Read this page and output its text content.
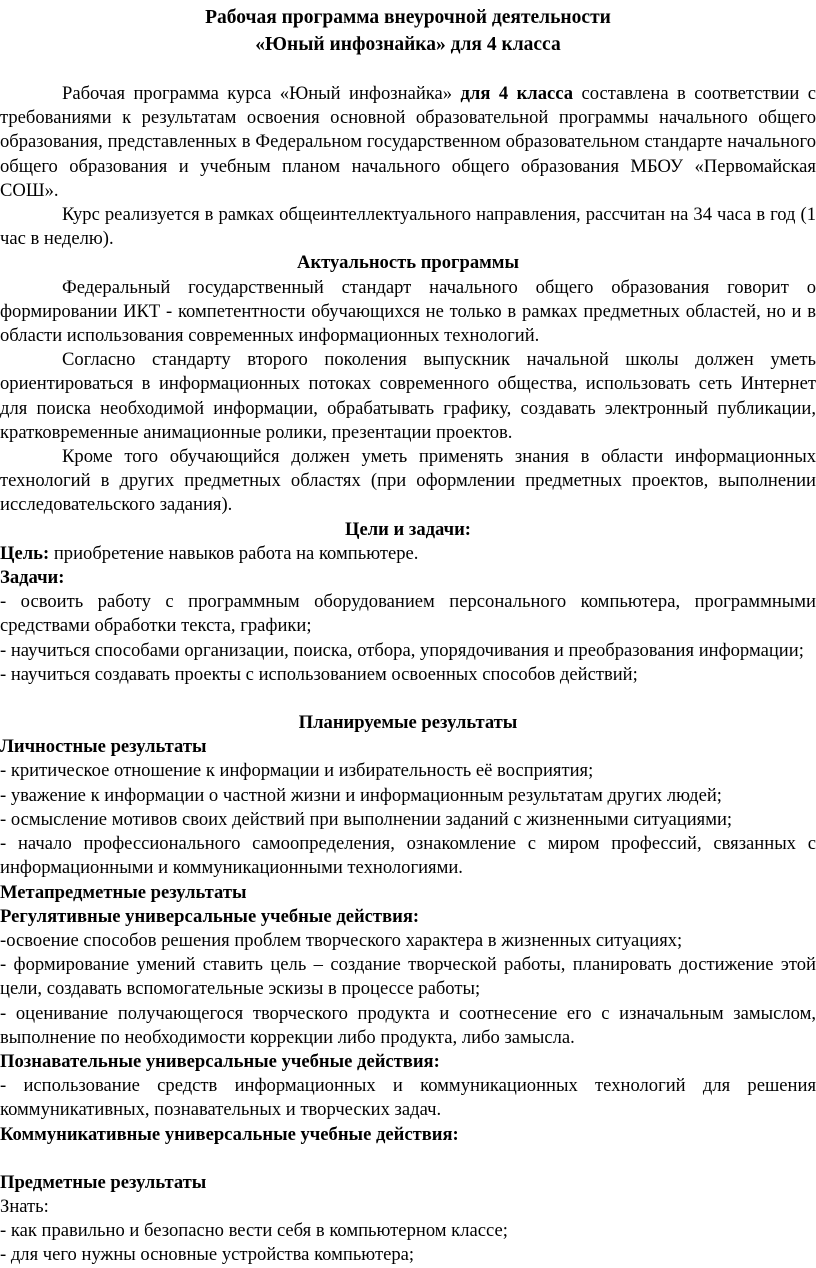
Рабочая программа внеурочной деятельности

«Юный инфознайка» для 4 класса

Рабочая программа курса «Юный инфознайка» для 4 класса составлена в соответствии с требованиями к результатам освоения основной образовательной программы начального общего образования, представленных в Федеральном государственном образовательном стандарте начального общего образования и учебным планом начального общего образования МБОУ «Первомайская СОШ».

Курс реализуется в рамках общеинтеллектуального направления, рассчитан на 34 часа в год (1 час в неделю).

Актуальность программы

Федеральный государственный стандарт начального общего образования говорит о формировании ИКТ - компетентности обучающихся не только в рамках предметных областей, но и в области использования современных информационных технологий.

Согласно стандарту второго поколения выпускник начальной школы должен уметь ориентироваться в информационных потоках современного общества, использовать сеть Интернет для поиска необходимой информации, обрабатывать графику, создавать электронный публикации, кратковременные анимационные ролики, презентации проектов.

Кроме того обучающийся должен уметь применять знания в области информационных технологий в других предметных областях (при оформлении предметных проектов, выполнении исследовательского задания).

Цели и задачи:

Цель: приобретение навыков работа на компьютере.

Задачи:

- освоить работу с программным оборудованием персонального компьютера, программными средствами обработки текста, графики;

- научиться способами организации, поиска, отбора, упорядочивания и преобразования информации;

- научиться создавать проекты с использованием освоенных способов действий;

Планируемые результаты

Личностные результаты

- критическое отношение к информации и избирательность её восприятия;

- уважение к информации о частной жизни и информационным результатам других людей;

- осмысление мотивов своих действий при выполнении заданий с жизненными ситуациями;

- начало профессионального самоопределения, ознакомление с миром профессий, связанных с информационными и коммуникационными технологиями.

Метапредметные результаты

Регулятивные универсальные учебные действия:

-освоение способов решения проблем творческого характера в жизненных ситуациях;

- формирование умений ставить цель – создание творческой работы, планировать достижение этой цели, создавать вспомогательные эскизы в процессе работы;

- оценивание получающегося творческого продукта и соотнесение его с изначальным замыслом, выполнение по необходимости коррекции либо продукта, либо замысла.

Познавательные универсальные учебные действия:

- использование средств информационных и коммуникационных технологий для решения коммуникативных, познавательных и творческих задач.

Коммуникативные универсальные учебные действия:

Предметные результаты

Знать:

- как правильно и безопасно вести себя в компьютерном классе;

- для чего нужны основные устройства компьютера;
